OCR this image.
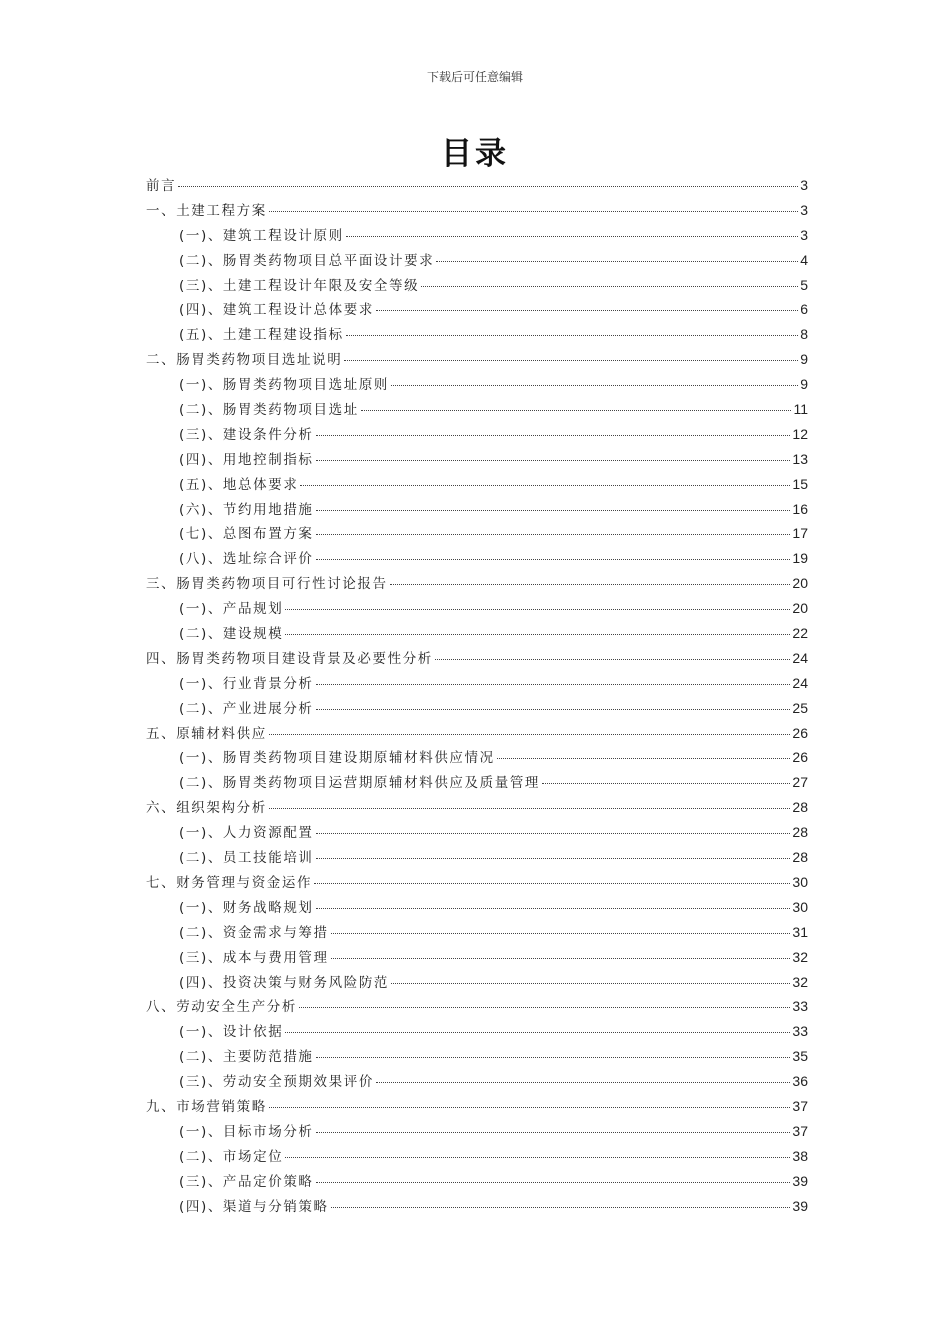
下载后可任意编辑
目录
前言	3
一、土建工程方案	3
(一)、建筑工程设计原则	3
(二)、肠胃类药物项目总平面设计要求	4
(三)、土建工程设计年限及安全等级	5
(四)、建筑工程设计总体要求	6
(五)、土建工程建设指标	8
二、肠胃类药物项目选址说明	9
(一)、肠胃类药物项目选址原则	9
(二)、肠胃类药物项目选址	11
(三)、建设条件分析	12
(四)、用地控制指标	13
(五)、地总体要求	15
(六)、节约用地措施	16
(七)、总图布置方案	17
(八)、选址综合评价	19
三、肠胃类药物项目可行性讨论报告	20
(一)、产品规划	20
(二)、建设规模	22
四、肠胃类药物项目建设背景及必要性分析	24
(一)、行业背景分析	24
(二)、产业进展分析	25
五、原辅材料供应	26
(一)、肠胃类药物项目建设期原辅材料供应情况	26
(二)、肠胃类药物项目运营期原辅材料供应及质量管理	27
六、组织架构分析	28
(一)、人力资源配置	28
(二)、员工技能培训	28
七、财务管理与资金运作	30
(一)、财务战略规划	30
(二)、资金需求与筹措	31
(三)、成本与费用管理	32
(四)、投资决策与财务风险防范	32
八、劳动安全生产分析	33
(一)、设计依据	33
(二)、主要防范措施	35
(三)、劳动安全预期效果评价	36
九、市场营销策略	37
(一)、目标市场分析	37
(二)、市场定位	38
(三)、产品定价策略	39
(四)、渠道与分销策略	39
